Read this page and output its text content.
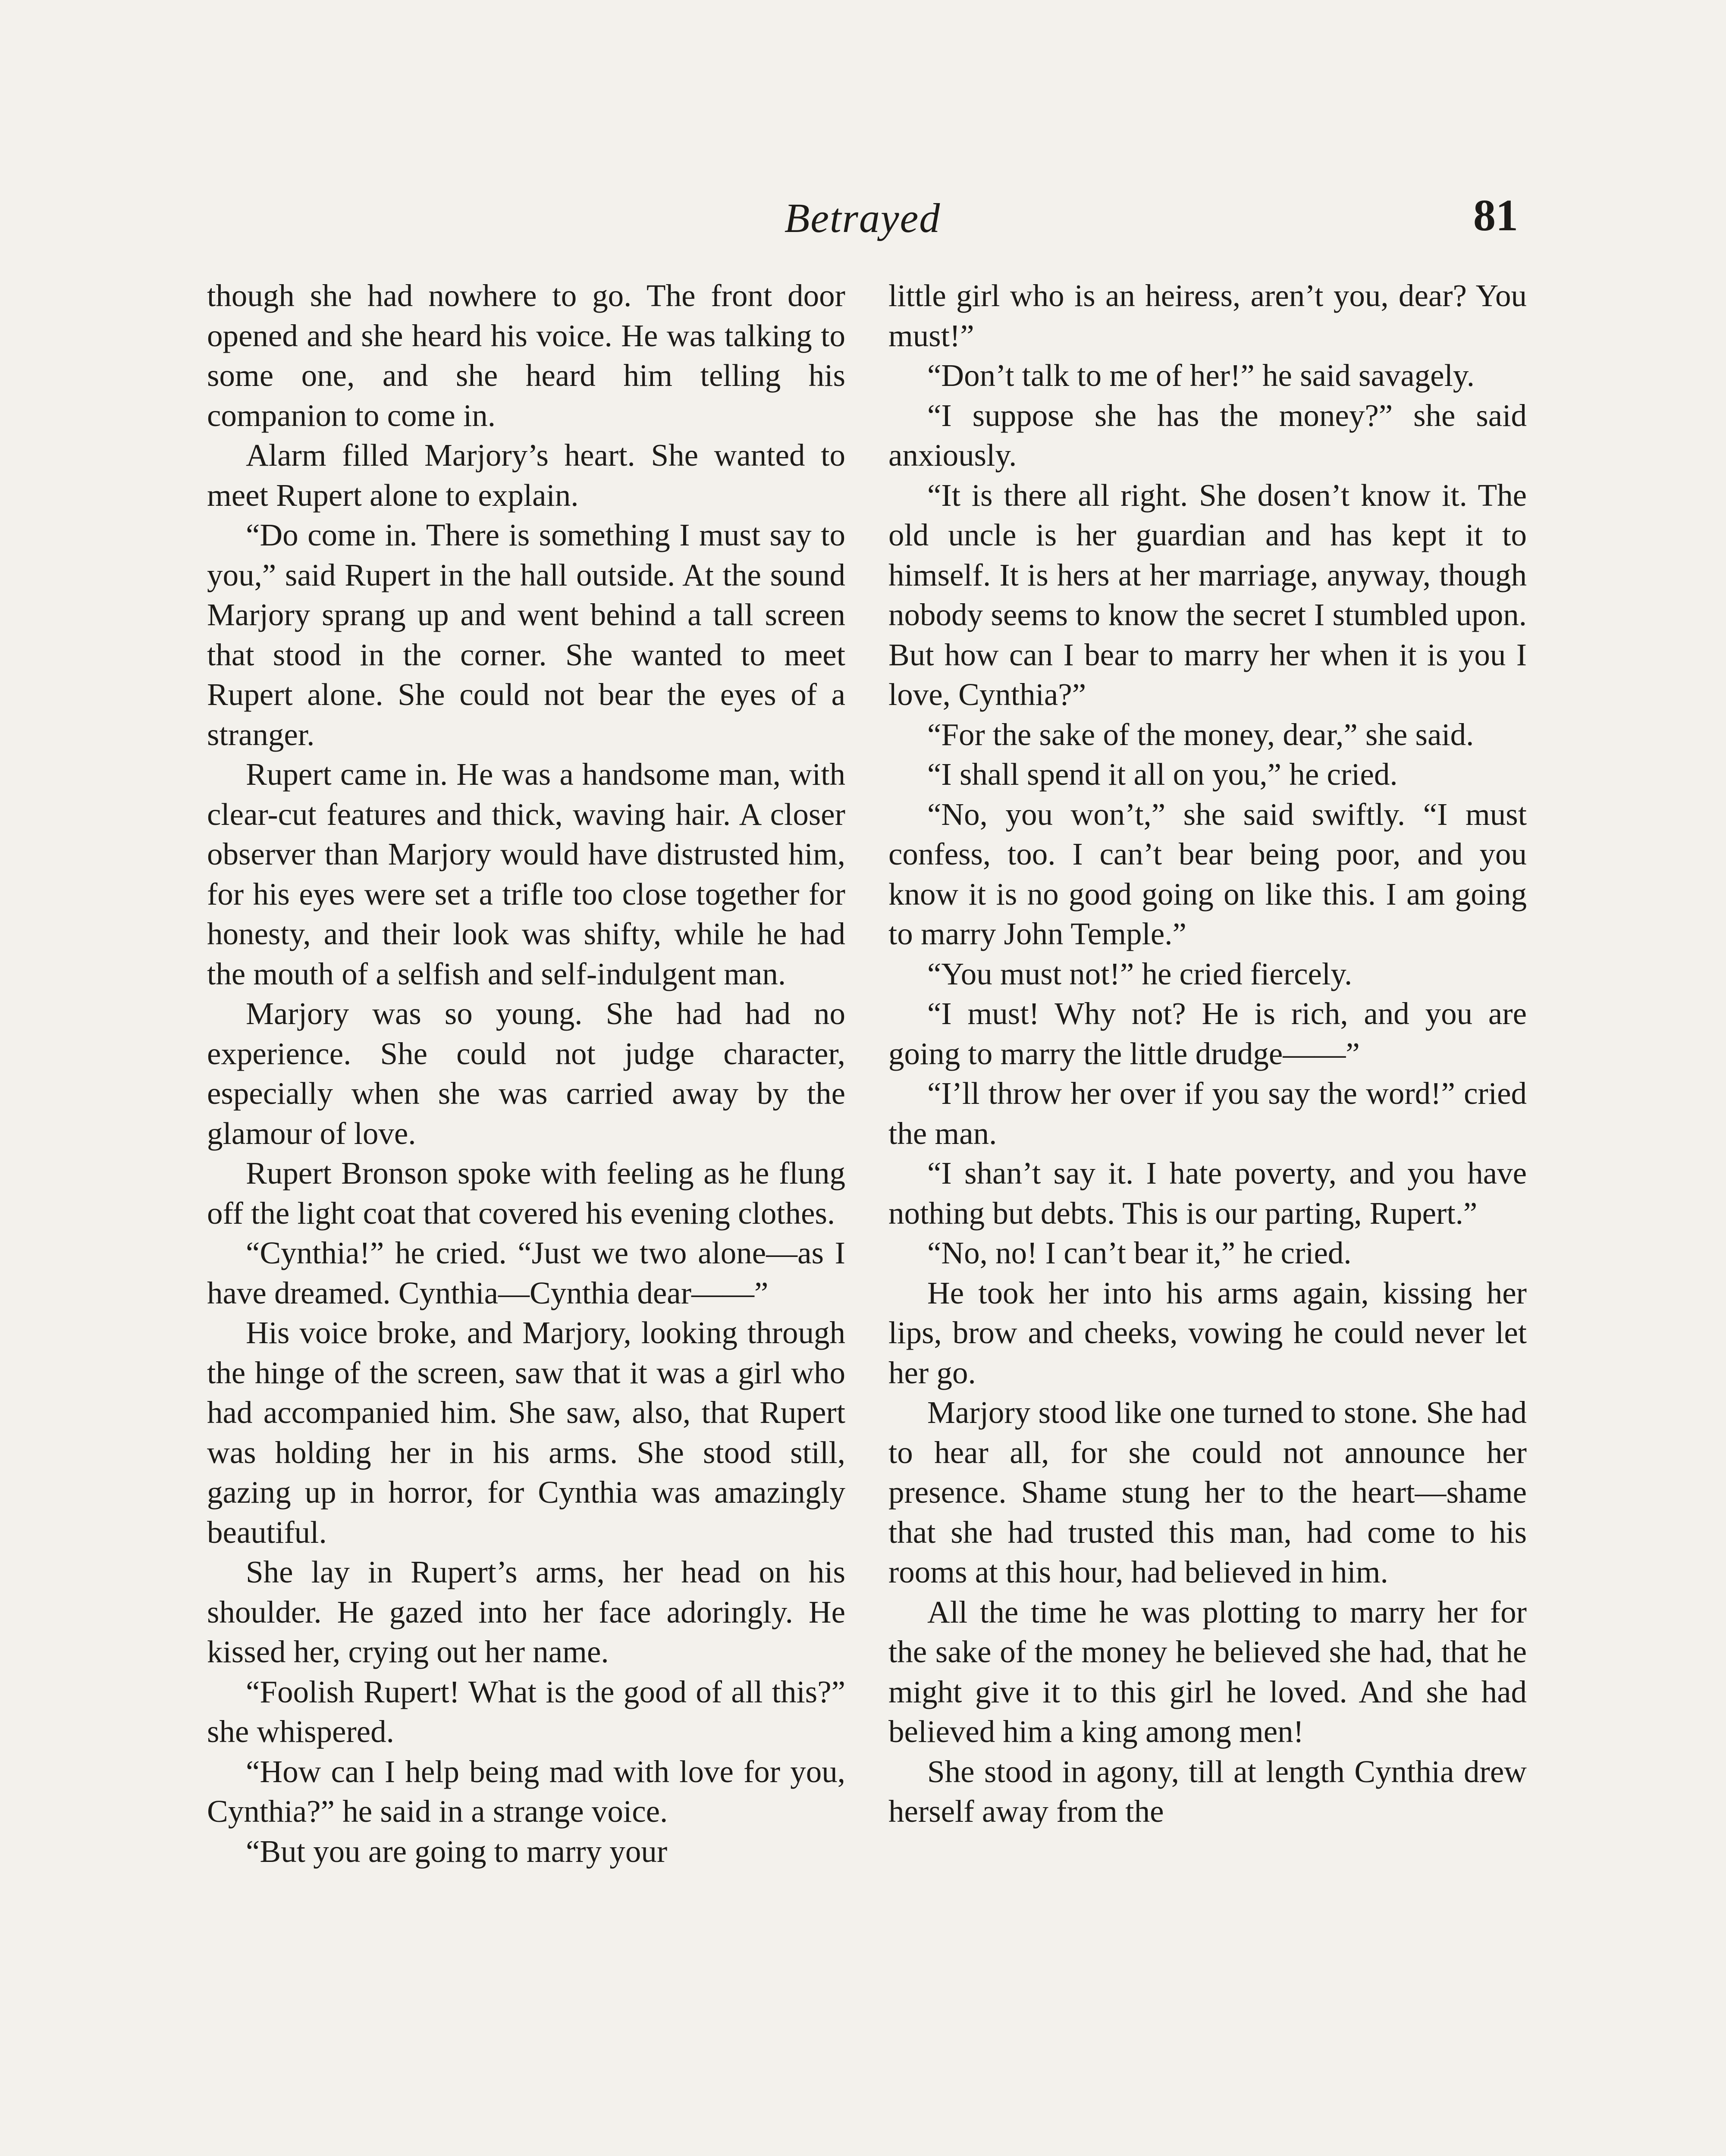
Betrayed	81

though she had nowhere to go. The front door opened and she heard his voice. He was talking to some one, and she heard him telling his companion to come in.

Alarm filled Marjory’s heart. She wanted to meet Rupert alone to explain.

“Do come in. There is something I must say to you,” said Rupert in the hall outside. At the sound Marjory sprang up and went behind a tall screen that stood in the corner. She wanted to meet Rupert alone. She could not bear the eyes of a stranger.

Rupert came in. He was a handsome man, with clear-cut features and thick, waving hair. A closer observer than Marjory would have distrusted him, for his eyes were set a trifle too close together for honesty, and their look was shifty, while he had the mouth of a selfish and self-indulgent man.

Marjory was so young. She had had no experience. She could not judge character, especially when she was carried away by the glamour of love.

Rupert Bronson spoke with feeling as he flung off the light coat that covered his evening clothes.

“Cynthia!” he cried. “Just we two alone—as I have dreamed. Cynthia—Cynthia dear——”

His voice broke, and Marjory, looking through the hinge of the screen, saw that it was a girl who had accompanied him. She saw, also, that Rupert was holding her in his arms. She stood still, gazing up in horror, for Cynthia was amazingly beautiful.

She lay in Rupert’s arms, her head on his shoulder. He gazed into her face adoringly. He kissed her, crying out her name.

“Foolish Rupert! What is the good of all this?” she whispered.

“How can I help being mad with love for you, Cynthia?” he said in a strange voice.

“But you are going to marry your

little girl who is an heiress, aren’t you, dear? You must!”

“Don’t talk to me of her!” he said savagely.

“I suppose she has the money?” she said anxiously.

“It is there all right. She dosen’t know it. The old uncle is her guardian and has kept it to himself. It is hers at her marriage, anyway, though nobody seems to know the secret I stumbled upon. But how can I bear to marry her when it is you I love, Cynthia?”

“For the sake of the money, dear,” she said.

“I shall spend it all on you,” he cried.

“No, you won’t,” she said swiftly. “I must confess, too. I can’t bear being poor, and you know it is no good going on like this. I am going to marry John Temple.”

“You must not!” he cried fiercely.

“I must! Why not? He is rich, and you are going to marry the little drudge——”

“I’ll throw her over if you say the word!” cried the man.

“I shan’t say it. I hate poverty, and you have nothing but debts. This is our parting, Rupert.”

“No, no! I can’t bear it,” he cried.

He took her into his arms again, kissing her lips, brow and cheeks, vowing he could never let her go.

Marjory stood like one turned to stone. She had to hear all, for she could not announce her presence. Shame stung her to the heart—shame that she had trusted this man, had come to his rooms at this hour, had believed in him.

All the time he was plotting to marry her for the sake of the money he believed she had, that he might give it to this girl he loved. And she had believed him a king among men!

She stood in agony, till at length Cynthia drew herself away from the
